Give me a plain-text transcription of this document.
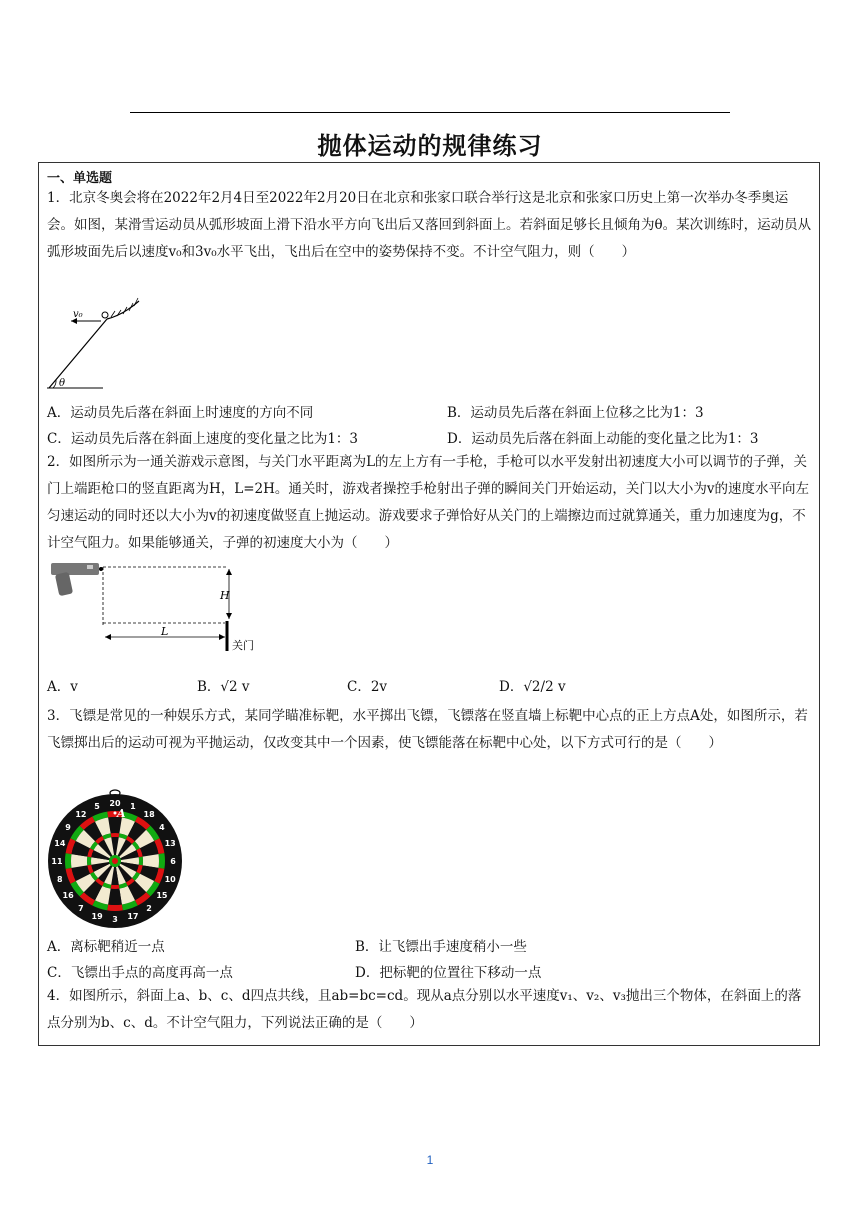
抛体运动的规律练习
一、单选题

1．北京冬奥会将在2022年2月4日至2022年2月20日在北京和张家口联合举行这是北京和张家口历史上第一次举办冬季奥运会。如图，某滑雪运动员从弧形坡面上滑下沿水平方向飞出后又落回到斜面上。若斜面足够长且倾角为θ。某次训练时，运动员从弧形坡面先后以速度v₀和3v₀水平飞出，飞出后在空中的姿势保持不变。不计空气阻力，则（　　）

v₀
θ
A．运动员先后落在斜面上时速度的方向不同	B．运动员先后落在斜面上位移之比为1：3
C．运动员先后落在斜面上速度的变化量之比为1：3	D．运动员先后落在斜面上动能的变化量之比为1：3

2．如图所示为一通关游戏示意图，与关门水平距离为L的左上方有一手枪，手枪可以水平发射出初速度大小可以调节的子弹，关门上端距枪口的竖直距离为H，L=2H。通关时，游戏者操控手枪射出子弹的瞬间关门开始运动，关门以大小为v的速度水平向左匀速运动的同时还以大小为v的初速度做竖直上抛运动。游戏要求子弹恰好从关门的上端擦边而过就算通关，重力加速度为g，不计空气阻力。如果能够通关，子弹的初速度大小为（　　）

H
L
关门
A．v	B．√2 v	C．2v	D．√2/2 v

3．飞镖是常见的一种娱乐方式，某同学瞄准标靶，水平掷出飞镖，飞镖落在竖直墙上标靶中心点的正上方点A处，如图所示，若飞镖掷出后的运动可视为平抛运动，仅改变其中一个因素，使飞镖能落在标靶中心处，以下方式可行的是（　　）

20 1
18
4
13
6
10
15
2
17
3
19
7
16
8
11
14
9
12
5
A
A．离标靶稍近一点	B．让飞镖出手速度稍小一些
C．飞镖出手点的高度再高一点	D．把标靶的位置往下移动一点

4．如图所示，斜面上a、b、c、d四点共线，且ab=bc=cd。现从a点分别以水平速度v₁、v₂、v₃抛出三个物体，在斜面上的落点分别为b、c、d。不计空气阻力，下列说法正确的是（　　）

1
